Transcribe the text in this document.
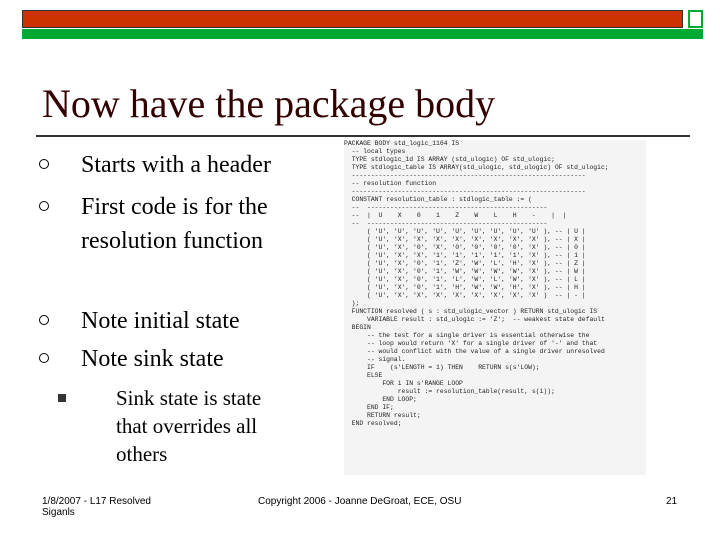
Now have the package body
Starts with a header
First code is for the
resolution function
Note initial state
Note sink state
Sink state is state that overrides all others
PACKAGE BODY std_logic_1164 IS
-- local types
TYPE stdlogic_1d IS ARRAY (std_ulogic) OF std_ulogic;
TYPE stdlogic_table IS ARRAY(std_ulogic, std_ulogic) OF std_ulogic;
-------------------------------------------------------------
-- resolution function
-------------------------------------------------------------
CONSTANT resolution_table : stdlogic_table := (
--  -----------------------------------------------
--  |  U    X    0    1    Z    W    L    H    -    |  |
--  -----------------------------------------------
( 'U', 'U', 'U', 'U', 'U', 'U', 'U', 'U', 'U' ), -- | U |
( 'U', 'X', 'X', 'X', 'X', 'X', 'X', 'X', 'X' ), -- | X |
( 'U', 'X', '0', 'X', '0', '0', '0', '0', 'X' ), -- | 0 |
( 'U', 'X', 'X', '1', '1', '1', '1', '1', 'X' ), -- | 1 |
( 'U', 'X', '0', '1', 'Z', 'W', 'L', 'H', 'X' ), -- | Z |
( 'U', 'X', '0', '1', 'W', 'W', 'W', 'W', 'X' ), -- | W |
( 'U', 'X', '0', '1', 'L', 'W', 'L', 'W', 'X' ), -- | L |
( 'U', 'X', '0', '1', 'H', 'W', 'W', 'H', 'X' ), -- | H |
( 'U', 'X', 'X', 'X', 'X', 'X', 'X', 'X', 'X' )  -- | - |
);
FUNCTION resolved ( s : std_ulogic_vector ) RETURN std_ulogic IS
VARIABLE result : std_ulogic := 'Z';  -- weakest state default
BEGIN
-- the test for a single driver is essential otherwise the
-- loop would return 'X' for a single driver of '-' and that
-- would conflict with the value of a single driver unresolved
-- signal.
IF    (s'LENGTH = 1) THEN    RETURN s(s'LOW);
ELSE
FOR i IN s'RANGE LOOP
result := resolution_table(result, s(i));
END LOOP;
END IF;
RETURN result;
END resolved;
1/8/2007 - L17 Resolved
Siganls
Copyright 2006 - Joanne DeGroat, ECE, OSU	21
